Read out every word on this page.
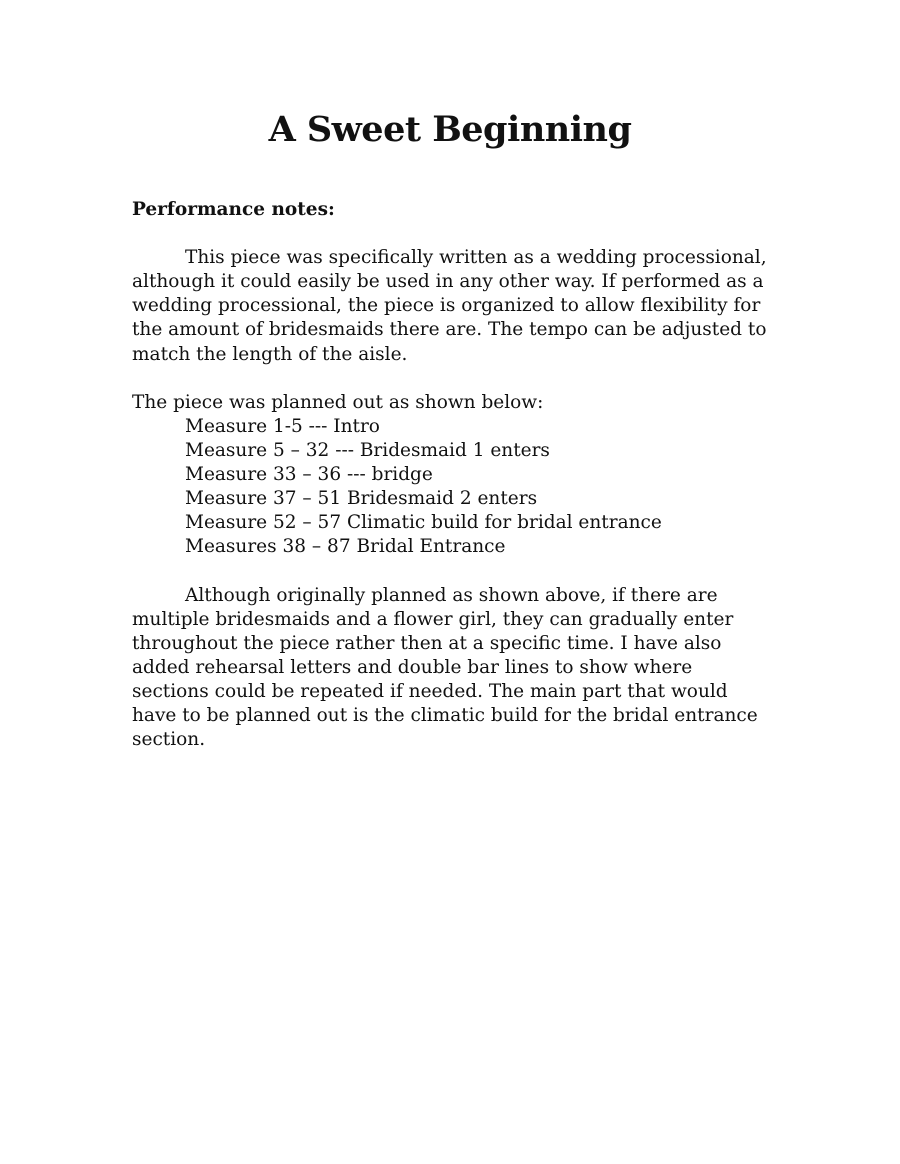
A Sweet Beginning

Performance notes:

This piece was specifically written as a wedding processional, although it could easily be used in any other way. If performed as a wedding processional, the piece is organized to allow flexibility for the amount of bridesmaids there are. The tempo can be adjusted to match the length of the aisle.

The piece was planned out as shown below:

Measure 1-5 --- Intro
Measure 5 – 32 --- Bridesmaid 1 enters
Measure 33 – 36 --- bridge
Measure 37 – 51 Bridesmaid 2 enters
Measure 52 – 57 Climatic build for bridal entrance
Measures 38 – 87 Bridal Entrance

Although originally planned as shown above, if there are multiple bridesmaids and a flower girl, they can gradually enter throughout the piece rather then at a specific time. I have also added rehearsal letters and double bar lines to show where sections could be repeated if needed. The main part that would have to be planned out is the climatic build for the bridal entrance section.
